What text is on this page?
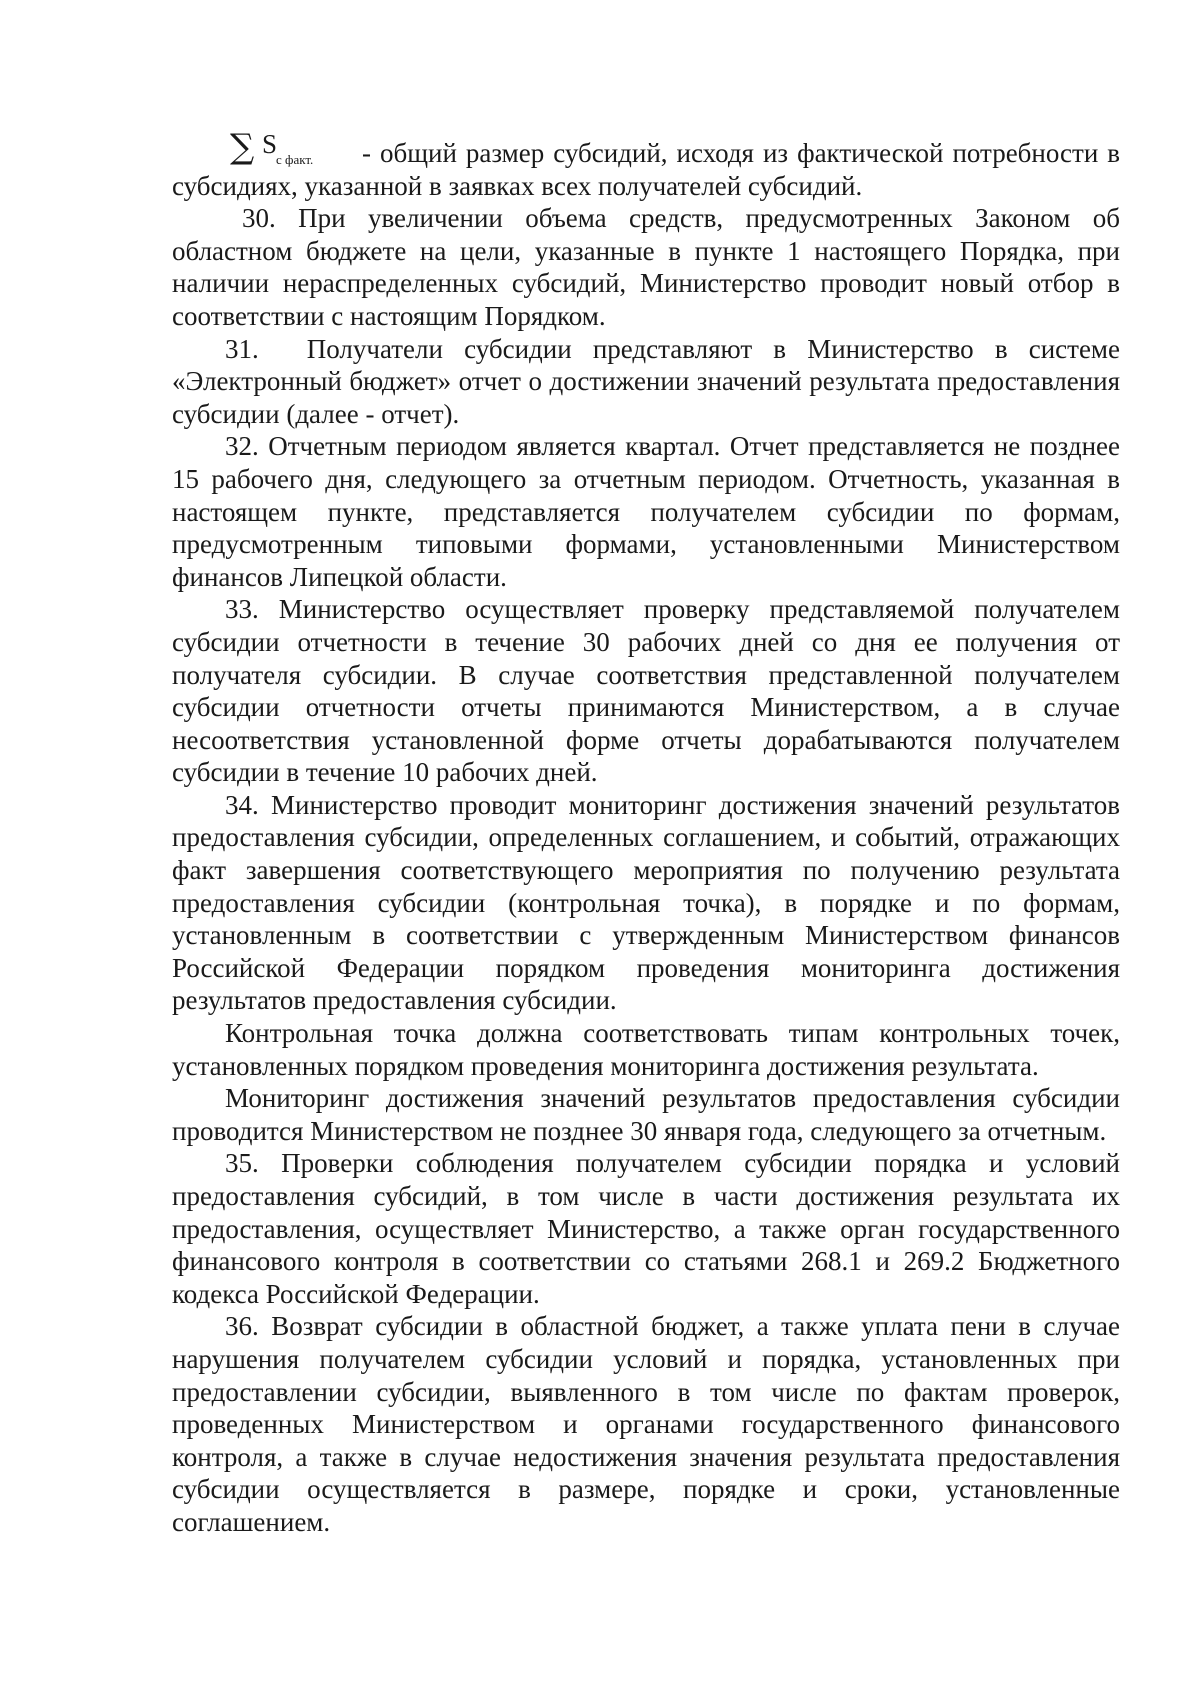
∑ S
с факт. - общий размер субсидий, исходя из фактической потребности в субсидиях, указанной в заявках всех получателей субсидий.

30. При увеличении объема средств, предусмотренных Законом об областном бюджете на цели, указанные в пункте 1 настоящего Порядка, при наличии нераспределенных субсидий, Министерство проводит новый отбор в соответствии с настоящим Порядком.

31. Получатели субсидии представляют в Министерство в системе «Электронный бюджет» отчет о достижении значений результата предоставления субсидии (далее - отчет).

32. Отчетным периодом является квартал. Отчет представляется не позднее 15 рабочего дня, следующего за отчетным периодом. Отчетность, указанная в настоящем пункте, представляется получателем субсидии по формам, предусмотренным типовыми формами, установленными Министерством финансов Липецкой области.

33. Министерство осуществляет проверку представляемой получателем субсидии отчетности в течение 30 рабочих дней со дня ее получения от получателя субсидии. В случае соответствия представленной получателем субсидии отчетности отчеты принимаются Министерством, а в случае несоответствия установленной форме отчеты дорабатываются получателем субсидии в течение 10 рабочих дней.

34. Министерство проводит мониторинг достижения значений результатов предоставления субсидии, определенных соглашением, и событий, отражающих факт завершения соответствующего мероприятия по получению результата предоставления субсидии (контрольная точка), в порядке и по формам, установленным в соответствии с утвержденным Министерством финансов Российской Федерации порядком проведения мониторинга достижения результатов предоставления субсидии.

Контрольная точка должна соответствовать типам контрольных точек, установленных порядком проведения мониторинга достижения результата.

Мониторинг достижения значений результатов предоставления субсидии проводится Министерством не позднее 30 января года, следующего за отчетным.

35. Проверки соблюдения получателем субсидии порядка и условий предоставления субсидий, в том числе в части достижения результата их предоставления, осуществляет Министерство, а также орган государственного финансового контроля в соответствии со статьями 268.1 и 269.2 Бюджетного кодекса Российской Федерации.

36. Возврат субсидии в областной бюджет, а также уплата пени в случае нарушения получателем субсидии условий и порядка, установленных при предоставлении субсидии, выявленного в том числе по фактам проверок, проведенных Министерством и органами государственного финансового контроля, а также в случае недостижения значения результата предоставления субсидии осуществляется в размере, порядке и сроки, установленные соглашением.
